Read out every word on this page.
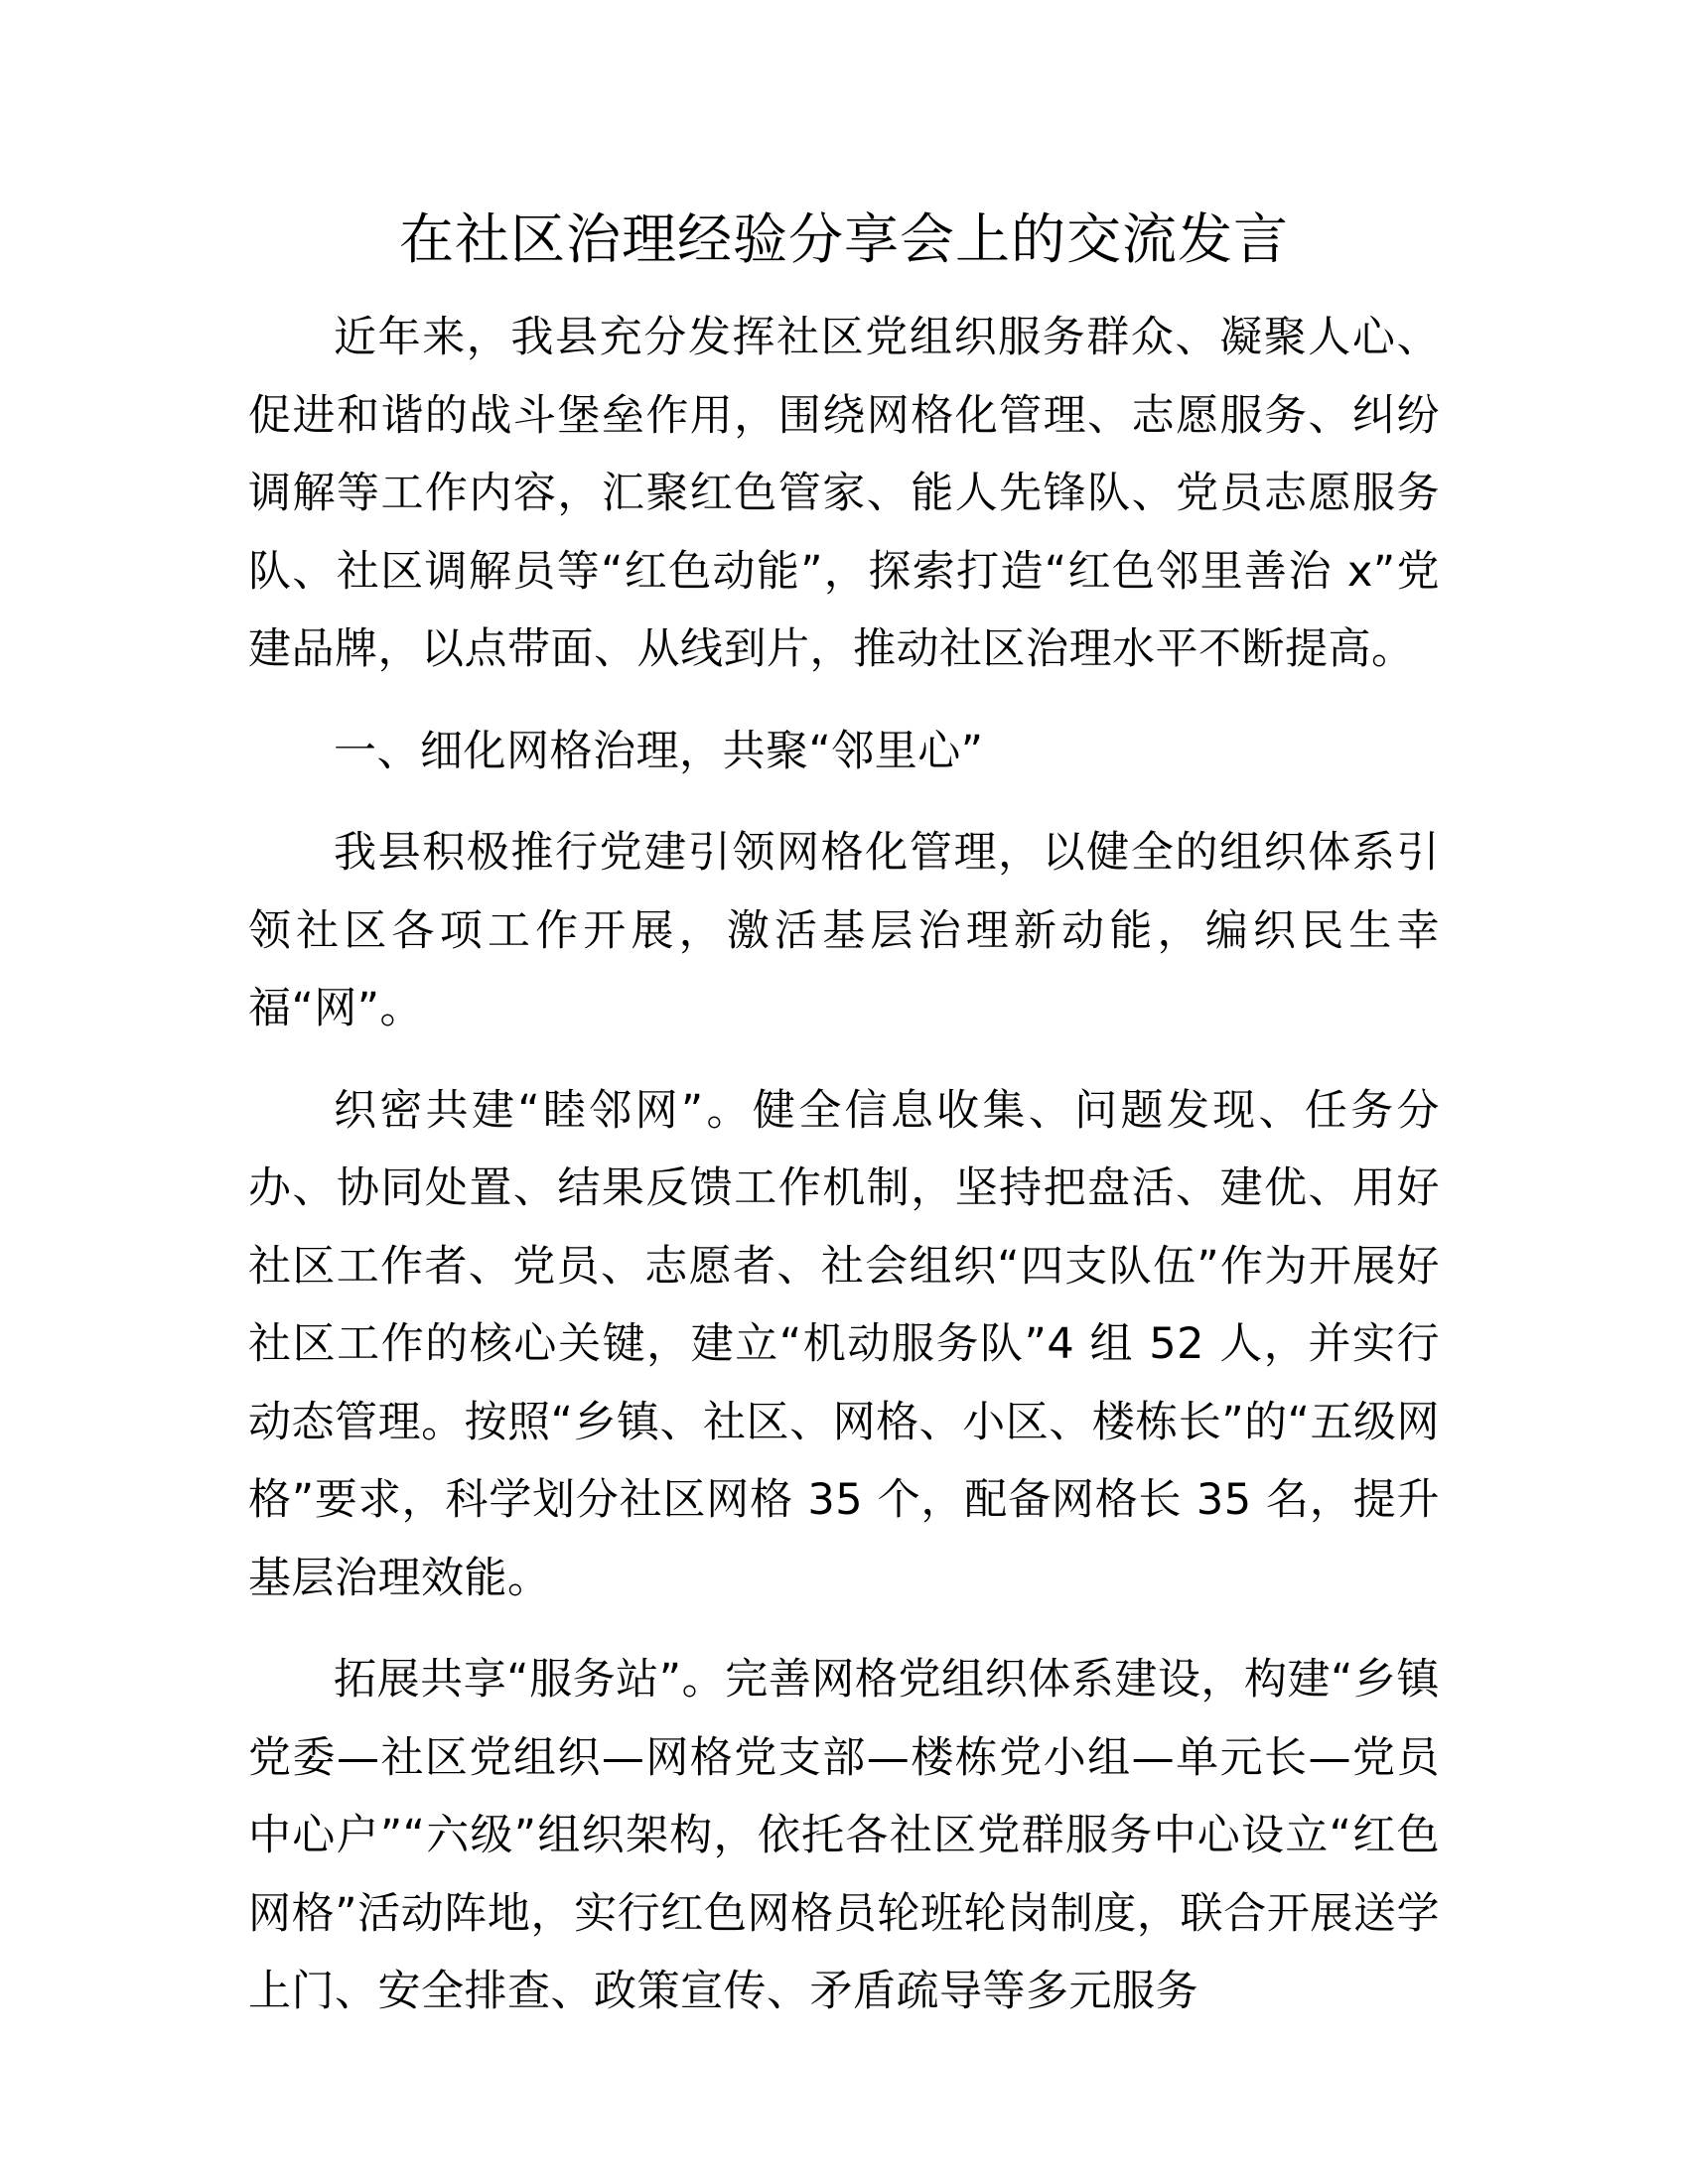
在社区治理经验分享会上的交流发言

近年来，我县充分发挥社区党组织服务群众、凝聚人心、促进和谐的战斗堡垒作用，围绕网格化管理、志愿服务、纠纷调解等工作内容，汇聚红色管家、能人先锋队、党员志愿服务队、社区调解员等“红色动能”，探索打造“红色邻里善治 x”党建品牌，以点带面、从线到片，推动社区治理水平不断提高。

一、细化网格治理，共聚“邻里心”

我县积极推行党建引领网格化管理，以健全的组织体系引领社区各项工作开展，激活基层治理新动能，编织民生幸福“网”。

织密共建“睦邻网”。健全信息收集、问题发现、任务分办、协同处置、结果反馈工作机制，坚持把盘活、建优、用好社区工作者、党员、志愿者、社会组织“四支队伍”作为开展好社区工作的核心关键，建立“机动服务队”4 组 52 人，并实行动态管理。按照“乡镇、社区、网格、小区、楼栋长”的“五级网格”要求，科学划分社区网格 35 个，配备网格长 35 名，提升基层治理效能。

拓展共享“服务站”。完善网格党组织体系建设，构建“乡镇党委—社区党组织—网格党支部—楼栋党小组—单元长—党员中心户”“六级”组织架构，依托各社区党群服务中心设立“红色网格”活动阵地，实行红色网格员轮班轮岗制度，联合开展送学上门、安全排查、政策宣传、矛盾疏导等多元服务
